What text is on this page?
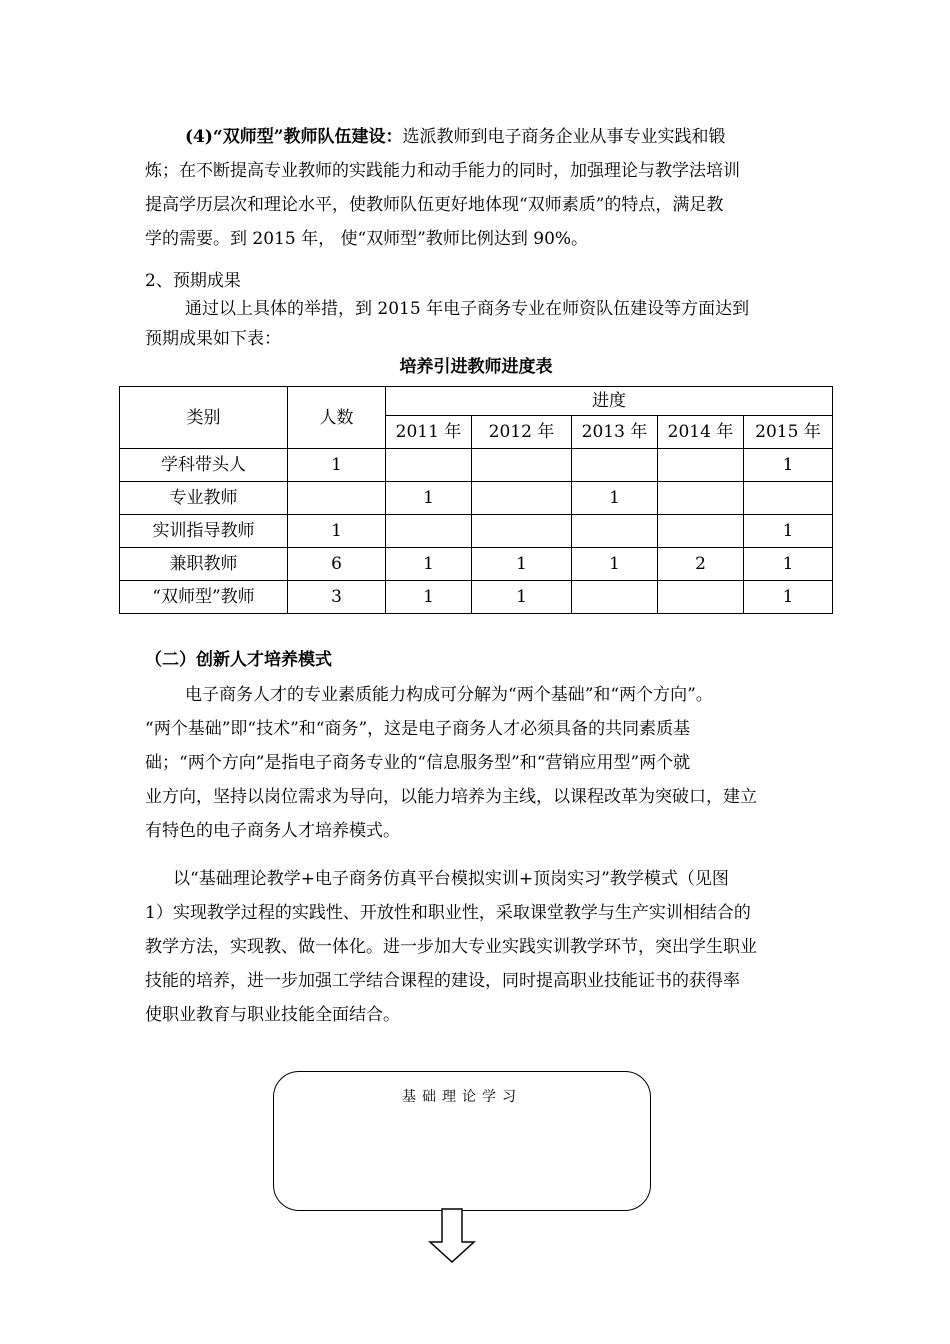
(4)“双师型”教师队伍建设：选派教师到电子商务企业从事专业实践和锻
炼；在不断提高专业教师的实践能力和动手能力的同时，加强理论与教学法培训
提高学历层次和理论水平，使教师队伍更好地体现“双师素质”的特点，满足教
学的需要。到 2015 年， 使“双师型”教师比例达到 90%。

2、预期成果

通过以上具体的举措，到 2015 年电子商务专业在师资队伍建设等方面达到
预期成果如下表：

培养引进教师进度表
类别	人数	进度				
		2011 年	2012 年	2013 年	2014 年	2015 年
学科带头人	1					1
专业教师		1		1		
实训指导教师	1					1
兼职教师	6	1	1	1	2	1
“双师型”教师	3	1	1			1

（二）创新人才培养模式

电子商务人才的专业素质能力构成可分解为“两个基础”和“两个方向”。
“两个基础”即“技术”和“商务”，这是电子商务人才必须具备的共同素质基
础；“两个方向”是指电子商务专业的“信息服务型”和“营销应用型”两个就
业方向，坚持以岗位需求为导向，以能力培养为主线，以课程改革为突破口，建立
有特色的电子商务人才培养模式。

以“基础理论教学+电子商务仿真平台模拟实训+顶岗实习”教学模式（见图
1）实现教学过程的实践性、开放性和职业性，采取课堂教学与生产实训相结合的
教学方法，实现教、做一体化。进一步加大专业实践实训教学环节，突出学生职业
技能的培养，进一步加强工学结合课程的建设，同时提高职业技能证书的获得率
使职业教育与职业技能全面结合。

基础理论学习
